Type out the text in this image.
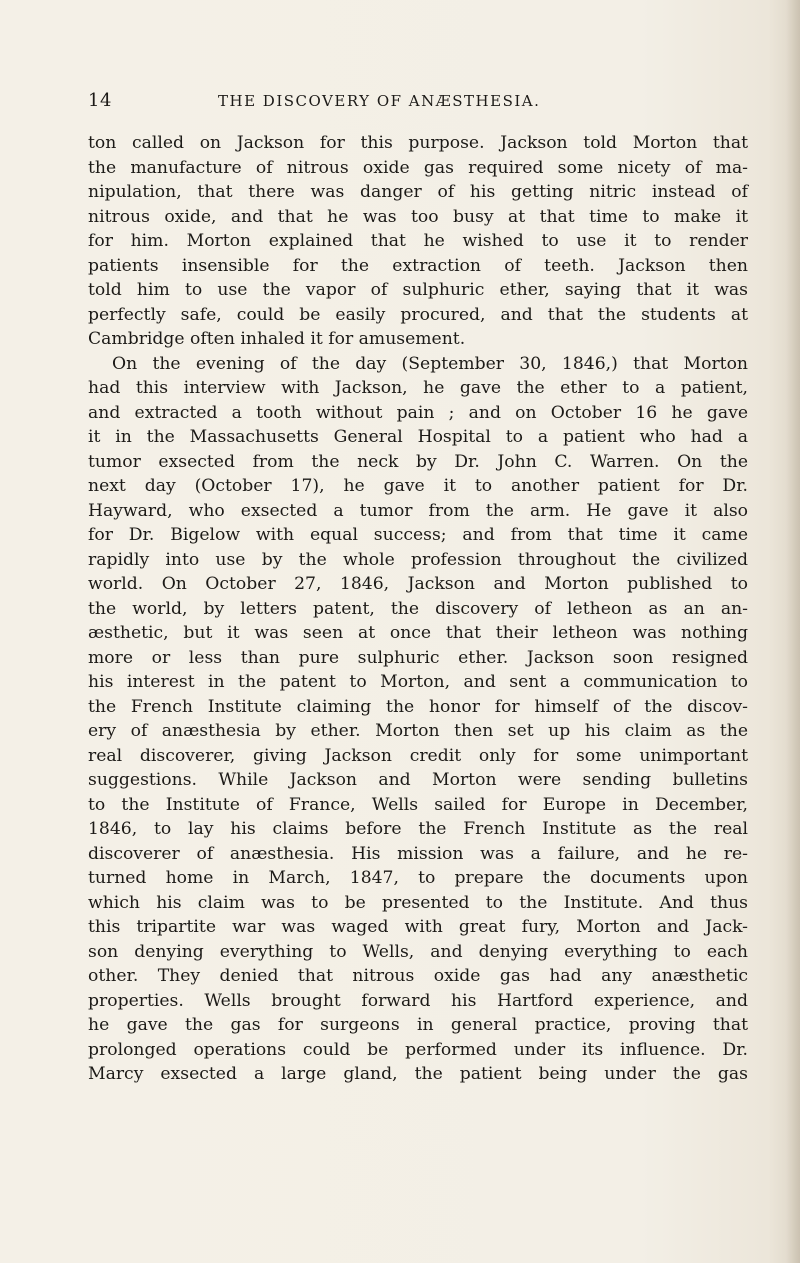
14	THE DISCOVERY OF ANÆSTHESIA.
ton called on Jackson for this purpose. Jackson told Morton that
the manufacture of nitrous oxide gas required some nicety of ma-
nipulation, that there was danger of his getting nitric instead of
nitrous oxide, and that he was too busy at that time to make it
for him. Morton explained that he wished to use it to render
patients insensible for the extraction of teeth. Jackson then
told him to use the vapor of sulphuric ether, saying that it was
perfectly safe, could be easily procured, and that the students at
Cambridge often inhaled it for amusement.
On the evening of the day (September 30, 1846,) that Morton
had this interview with Jackson, he gave the ether to a patient,
and extracted a tooth without pain ; and on October 16 he gave
it in the Massachusetts General Hospital to a patient who had a
tumor exsected from the neck by Dr. John C. Warren. On the
next day (October 17), he gave it to another patient for Dr.
Hayward, who exsected a tumor from the arm. He gave it also
for Dr. Bigelow with equal success; and from that time it came
rapidly into use by the whole profession throughout the civilized
world. On October 27, 1846, Jackson and Morton published to
the world, by letters patent, the discovery of letheon as an an-
æsthetic, but it was seen at once that their letheon was nothing
more or less than pure sulphuric ether. Jackson soon resigned
his interest in the patent to Morton, and sent a communication to
the French Institute claiming the honor for himself of the discov-
ery of anæsthesia by ether. Morton then set up his claim as the
real discoverer, giving Jackson credit only for some unimportant
suggestions. While Jackson and Morton were sending bulletins
to the Institute of France, Wells sailed for Europe in December,
1846, to lay his claims before the French Institute as the real
discoverer of anæsthesia. His mission was a failure, and he re-
turned home in March, 1847, to prepare the documents upon
which his claim was to be presented to the Institute. And thus
this tripartite war was waged with great fury, Morton and Jack-
son denying everything to Wells, and denying everything to each
other. They denied that nitrous oxide gas had any anæsthetic
properties. Wells brought forward his Hartford experience, and
he gave the gas for surgeons in general practice, proving that
prolonged operations could be performed under its influence. Dr.
Marcy exsected a large gland, the patient being under the gas
